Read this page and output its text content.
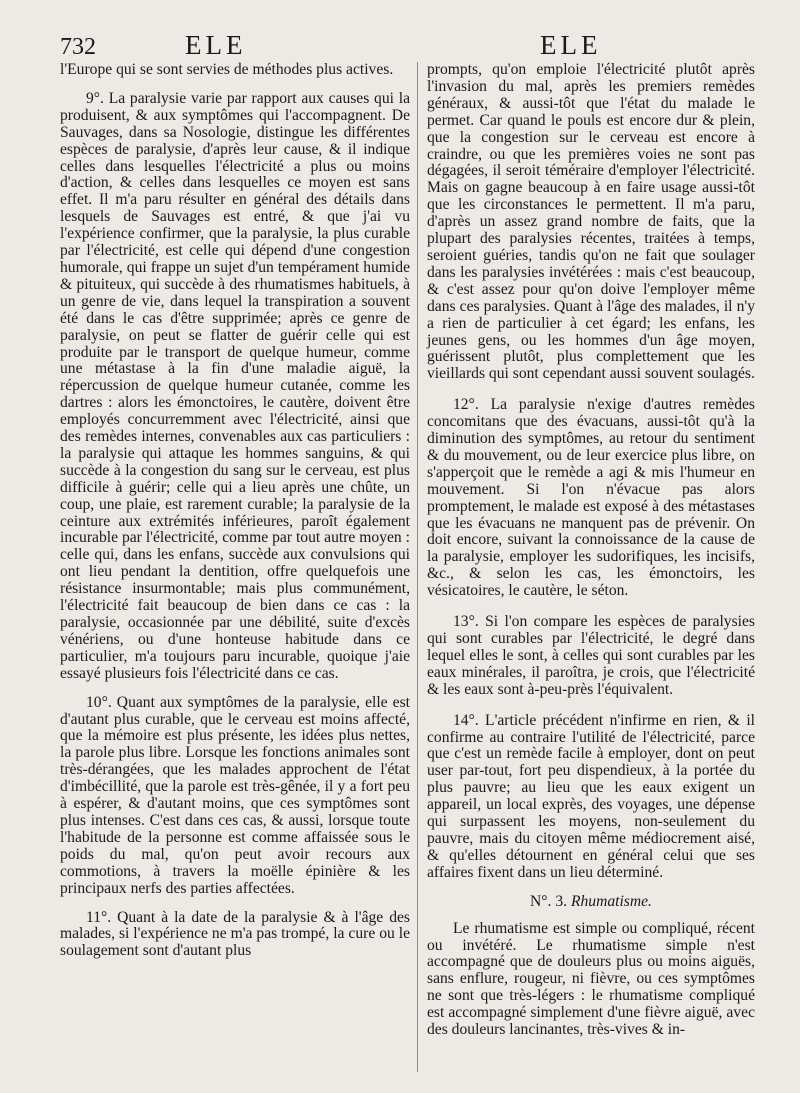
732	ELE	ELE

l'Europe qui se sont servies de méthodes plus actives.

9°. La paralysie varie par rapport aux causes qui la produisent, & aux symptômes qui l'accompagnent. De Sauvages, dans sa Nosologie, distingue les différentes espèces de paralysie, d'après leur cause, & il indique celles dans lesquelles l'électricité a plus ou moins d'action, & celles dans lesquelles ce moyen est sans effet. Il m'a paru résulter en général des détails dans lesquels de Sauvages est entré, & que j'ai vu l'expérience confirmer, que la paralysie, la plus curable par l'électricité, est celle qui dépend d'une congestion humorale, qui frappe un sujet d'un tempérament humide & pituiteux, qui succède à des rhumatismes habituels, à un genre de vie, dans lequel la transpiration a souvent été dans le cas d'être supprimée; après ce genre de paralysie, on peut se flatter de guérir celle qui est produite par le transport de quelque humeur, comme une métastase à la fin d'une maladie aiguë, la répercussion de quelque humeur cutanée, comme les dartres : alors les émonctoires, le cautère, doivent être employés concurremment avec l'électricité, ainsi que des remèdes internes, convenables aux cas particuliers : la paralysie qui attaque les hommes sanguins, & qui succède à la congestion du sang sur le cerveau, est plus difficile à guérir; celle qui a lieu après une chûte, un coup, une plaie, est rarement curable; la paralysie de la ceinture aux extrémités inférieures, paroît également incurable par l'électricité, comme par tout autre moyen : celle qui, dans les enfans, succède aux convulsions qui ont lieu pendant la dentition, offre quelquefois une résistance insurmontable; mais plus communément, l'électricité fait beaucoup de bien dans ce cas : la paralysie, occasionnée par une débilité, suite d'excès vénériens, ou d'une honteuse habitude dans ce particulier, m'a toujours paru incurable, quoique j'aie essayé plusieurs fois l'électricité dans ce cas.

10°. Quant aux symptômes de la paralysie, elle est d'autant plus curable, que le cerveau est moins affecté, que la mémoire est plus présente, les idées plus nettes, la parole plus libre. Lorsque les fonctions animales sont très-dérangées, que les malades approchent de l'état d'imbécillité, que la parole est très-gênée, il y a fort peu à espérer, & d'autant moins, que ces symptômes sont plus intenses. C'est dans ces cas, & aussi, lorsque toute l'habitude de la personne est comme affaissée sous le poids du mal, qu'on peut avoir recours aux commotions, à travers la moëlle épinière & les principaux nerfs des parties affectées.

11°. Quant à la date de la paralysie & à l'âge des malades, si l'expérience ne m'a pas trompé, la cure ou le soulagement sont d'autant plus

prompts, qu'on emploie l'électricité plutôt après l'invasion du mal, après les premiers remèdes généraux, & aussi-tôt que l'état du malade le permet. Car quand le pouls est encore dur & plein, que la congestion sur le cerveau est encore à craindre, ou que les premières voies ne sont pas dégagées, il seroit téméraire d'employer l'électricité. Mais on gagne beaucoup à en faire usage aussi-tôt que les circonstances le permettent. Il m'a paru, d'après un assez grand nombre de faits, que la plupart des paralysies récentes, traitées à temps, seroient guéries, tandis qu'on ne fait que soulager dans les paralysies invétérées : mais c'est beaucoup, & c'est assez pour qu'on doive l'employer même dans ces paralysies. Quant à l'âge des malades, il n'y a rien de particulier à cet égard; les enfans, les jeunes gens, ou les hommes d'un âge moyen, guérissent plutôt, plus complettement que les vieillards qui sont cependant aussi souvent soulagés.

12°. La paralysie n'exige d'autres remèdes concomitans que des évacuans, aussi-tôt qu'à la diminution des symptômes, au retour du sentiment & du mouvement, ou de leur exercice plus libre, on s'apperçoit que le remède a agi & mis l'humeur en mouvement. Si l'on n'évacue pas alors promptement, le malade est exposé à des métastases que les évacuans ne manquent pas de prévenir. On doit encore, suivant la connoissance de la cause de la paralysie, employer les sudorifiques, les incisifs, &c., & selon les cas, les émonctoirs, les vésicatoires, le cautère, le séton.

13°. Si l'on compare les espèces de paralysies qui sont curables par l'électricité, le degré dans lequel elles le sont, à celles qui sont curables par les eaux minérales, il paroîtra, je crois, que l'électricité & les eaux sont à-peu-près l'équivalent.

14°. L'article précédent n'infirme en rien, & il confirme au contraire l'utilité de l'électricité, parce que c'est un remède facile à employer, dont on peut user par-tout, fort peu dispendieux, à la portée du plus pauvre; au lieu que les eaux exigent un appareil, un local exprès, des voyages, une dépense qui surpassent les moyens, non-seulement du pauvre, mais du citoyen même médiocrement aisé, & qu'elles détournent en général celui que ses affaires fixent dans un lieu déterminé.

N°. 3. Rhumatisme.

Le rhumatisme est simple ou compliqué, récent ou invétéré. Le rhumatisme simple n'est accompagné que de douleurs plus ou moins aiguës, sans enflure, rougeur, ni fièvre, ou ces symptômes ne sont que très-légers : le rhumatisme compliqué est accompagné simplement d'une fièvre aiguë, avec des douleurs lancinantes, très-vives & in-
